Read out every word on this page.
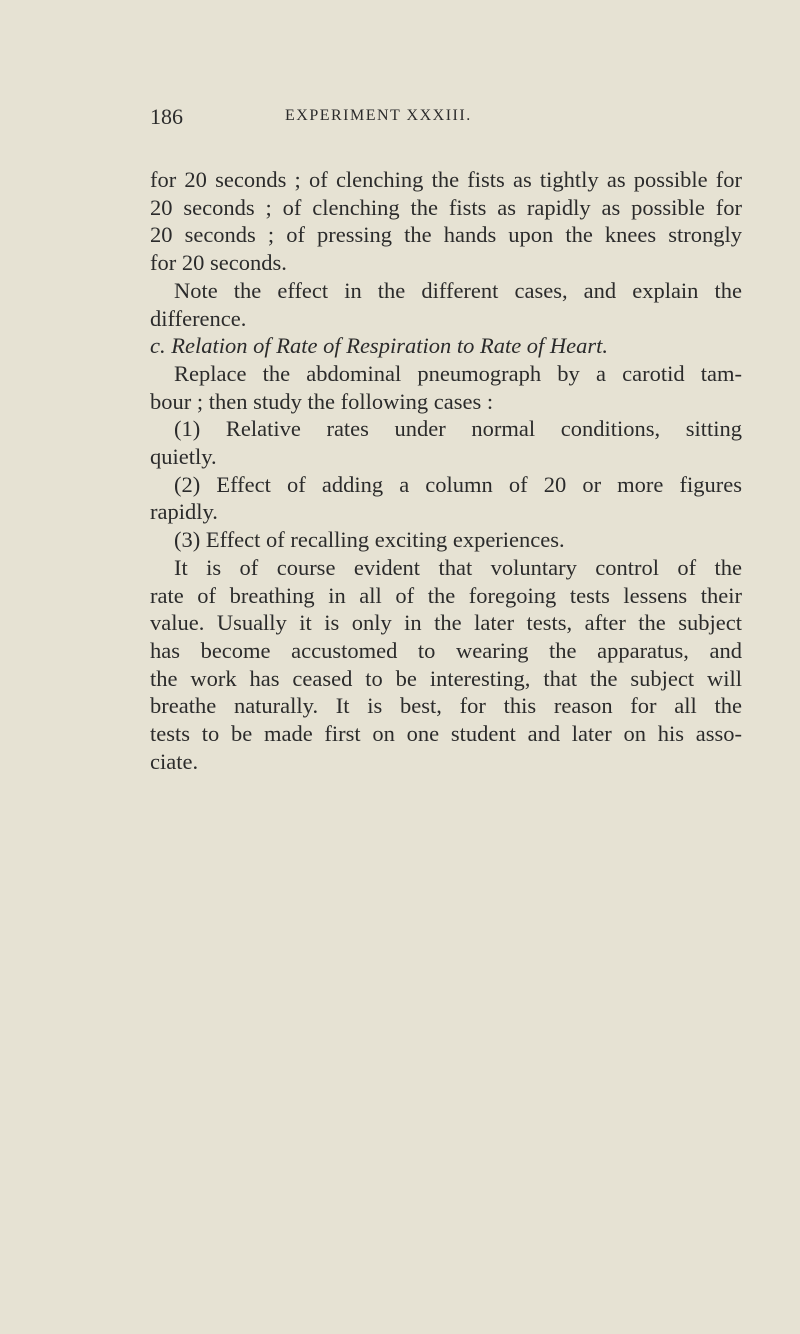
186	EXPERIMENT XXXIII.
for 20 seconds ; of clenching the fists as tightly as possible for
20 seconds ; of clenching the fists as rapidly as possible for
20 seconds ; of pressing the hands upon the knees strongly
for 20 seconds.
Note the effect in the different cases, and explain the
difference.
c. Relation of Rate of Respiration to Rate of Heart.
Replace the abdominal pneumograph by a carotid tam-
bour ; then study the following cases :
(1) Relative rates under normal conditions, sitting
quietly.
(2) Effect of adding a column of 20 or more figures
rapidly.
(3) Effect of recalling exciting experiences.
It is of course evident that voluntary control of the
rate of breathing in all of the foregoing tests lessens their
value. Usually it is only in the later tests, after the subject
has become accustomed to wearing the apparatus, and
the work has ceased to be interesting, that the subject will
breathe naturally. It is best, for this reason for all the
tests to be made first on one student and later on his asso-
ciate.
